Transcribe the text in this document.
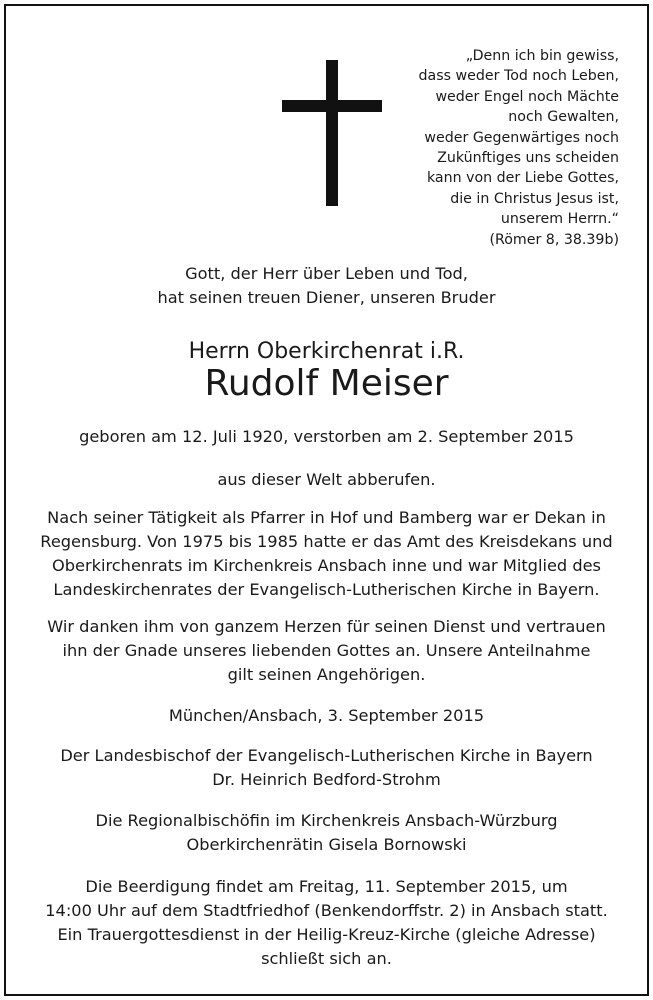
„Denn ich bin gewiss,
dass weder Tod noch Leben,
weder Engel noch Mächte
noch Gewalten,
weder Gegenwärtiges noch
Zukünftiges uns scheiden
kann von der Liebe Gottes,
die in Christus Jesus ist,
unserem Herrn.“
(Römer 8, 38.39b)
Gott, der Herr über Leben und Tod,
hat seinen treuen Diener, unseren Bruder
Herrn Oberkirchenrat i.R.
Rudolf Meiser
geboren am 12. Juli 1920, verstorben am 2. September 2015
aus dieser Welt abberufen.
Nach seiner Tätigkeit als Pfarrer in Hof und Bamberg war er Dekan in
Regensburg. Von 1975 bis 1985 hatte er das Amt des Kreisdekans und
Oberkirchenrats im Kirchenkreis Ansbach inne und war Mitglied des
Landeskirchenrates der Evangelisch-Lutherischen Kirche in Bayern.
Wir danken ihm von ganzem Herzen für seinen Dienst und vertrauen
ihn der Gnade unseres liebenden Gottes an. Unsere Anteilnahme
gilt seinen Angehörigen.
München/Ansbach, 3. September 2015
Der Landesbischof der Evangelisch-Lutherischen Kirche in Bayern
Dr. Heinrich Bedford-Strohm
Die Regionalbischöfin im Kirchenkreis Ansbach-Würzburg
Oberkirchenrätin Gisela Bornowski
Die Beerdigung findet am Freitag, 11. September 2015, um
14:00 Uhr auf dem Stadtfriedhof (Benkendorffstr. 2) in Ansbach statt.
Ein Trauergottesdienst in der Heilig-Kreuz-Kirche (gleiche Adresse)
schließt sich an.
